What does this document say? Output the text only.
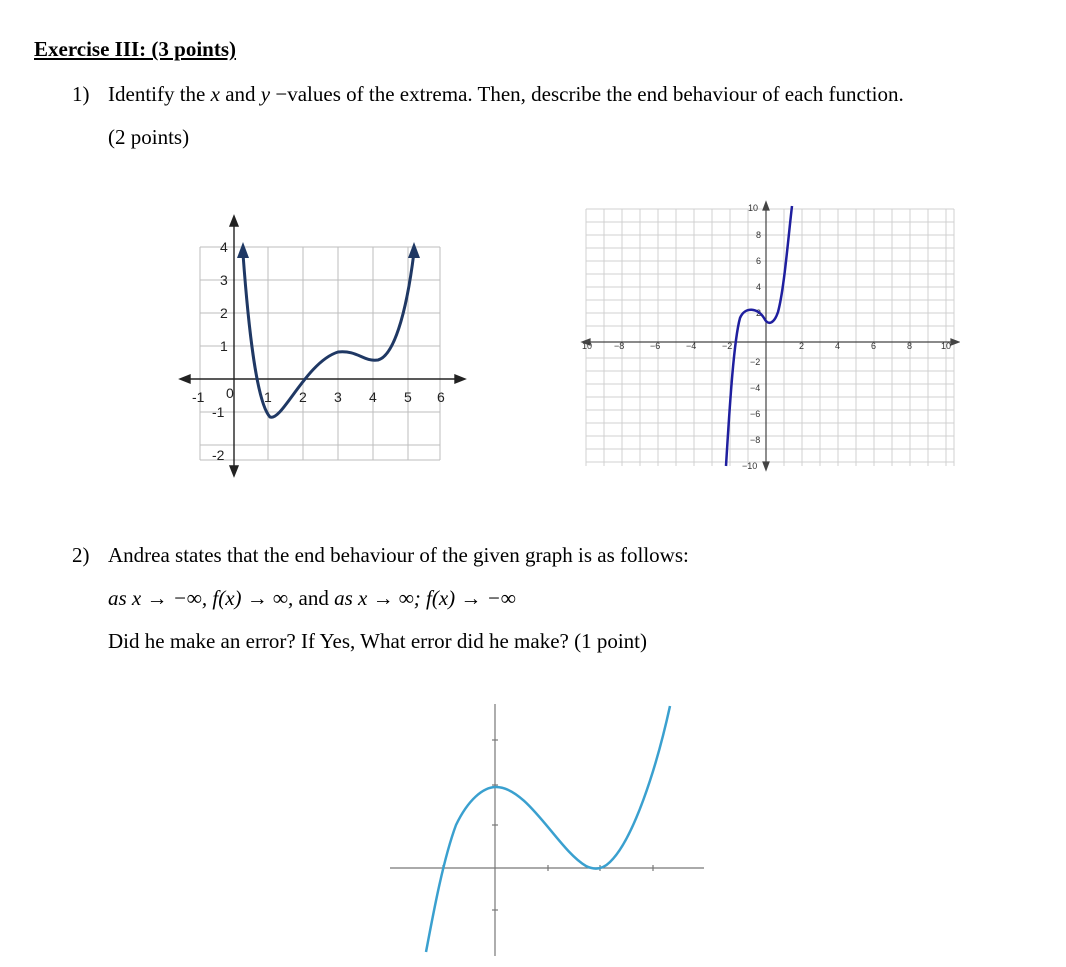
Exercise III: (3 points)
1) Identify the x and y −values of the extrema. Then, describe the end behaviour of each function.
(2 points)
-1 0 1 2 3 4 5 6
4
3
2
1
-1
-2
10 −8	−6	−4	−2	2	4	6	8	10
10
8
6
4
2
−2
−4
−6
−8
−10
2) Andrea states that the end behaviour of the given graph is as follows:
as x → −∞, f(x) → ∞, and as x → ∞; f(x) → −∞
Did he make an error? If Yes, What error did he make? (1 point)
